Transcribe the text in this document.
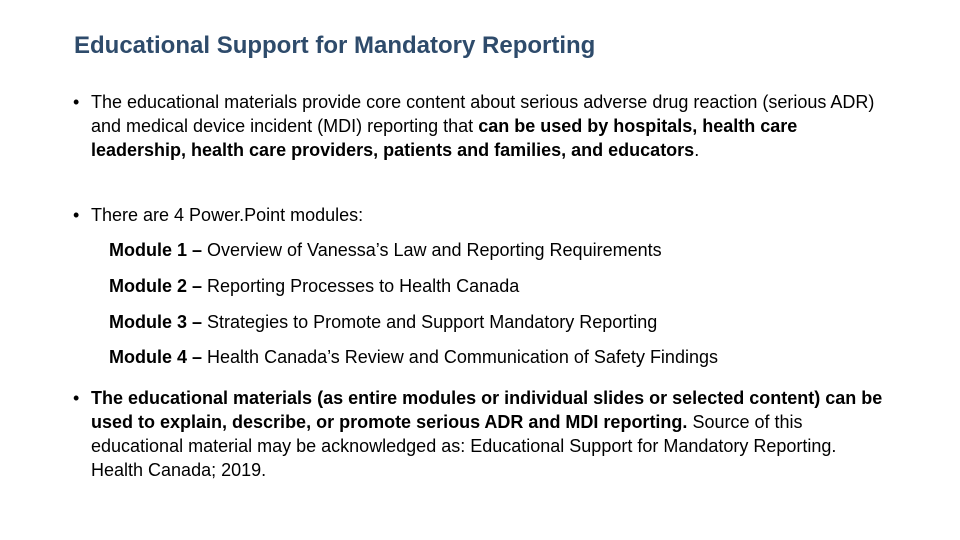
Educational Support for Mandatory Reporting
• The educational materials provide core content about serious adverse drug reaction (serious ADR) and medical device incident (MDI) reporting that can be used by hospitals, health care leadership, health care providers, patients and families, and educators.
• There are 4 Power.Point modules:
Module 1 – Overview of Vanessa’s Law and Reporting Requirements
Module 2 – Reporting Processes to Health Canada
Module 3 – Strategies to Promote and Support Mandatory Reporting
Module 4 – Health Canada’s Review and Communication of Safety Findings
• The educational materials (as entire modules or individual slides or selected content) can be used to explain, describe, or promote serious ADR and MDI reporting. Source of this educational material may be acknowledged as: Educational Support for Mandatory Reporting. Health Canada; 2019.
